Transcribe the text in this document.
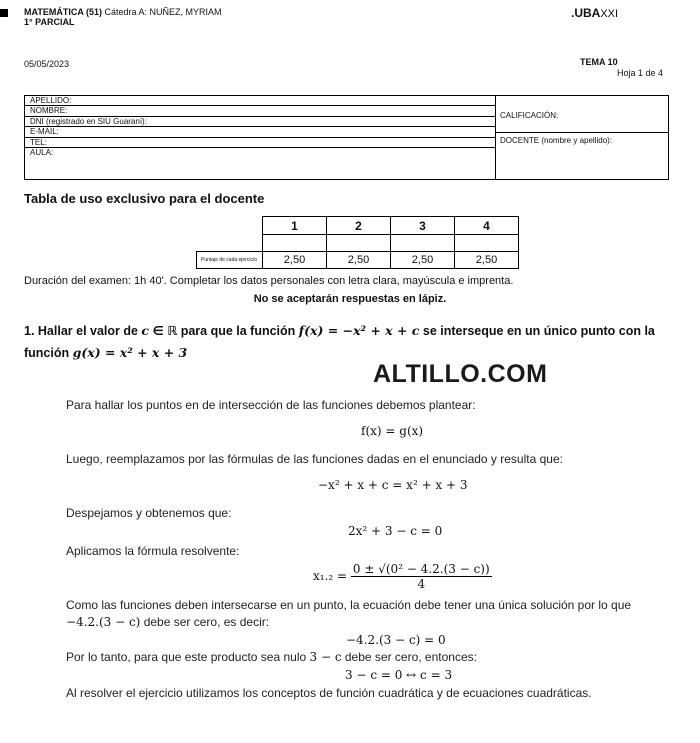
MATEMÁTICA (51) Cátedra A: NUÑEZ, MYRIAM
1° PARCIAL
.UBAXXI
05/05/2023	TEMA 10
Hoja 1 de 4
APELLIDO:
NOMBRE:
DNI (registrado en SIU Guaraní):
E-MAIL:
TEL:
AULA:
CALIFICACIÓN:
DOCENTE (nombre y apellido):
Tabla de uso exclusivo para el docente
	1	2	3	4

Puntaje de cada ejercicio	2,50	2,50	2,50	2,50
Duración del examen: 1h 40'. Completar los datos personales con letra clara, mayúscula e imprenta.
No se aceptarán respuestas en lápiz.
1. Hallar el valor de c ∈ ℝ para que la función f(x) = −x² + x + c se interseque en un único punto con la función g(x) = x² + x + 3
ALTILLO.COM
Para hallar los puntos en de intersección de las funciones debemos plantear:
f(x) = g(x)
Luego, reemplazamos por las fórmulas de las funciones dadas en el enunciado y resulta que:
−x² + x + c = x² + x + 3
Despejamos y obtenemos que:
2x² + 3 − c = 0
Aplicamos la fórmula resolvente:
$x_1._2 = \frac{\text{0 ± √(0² − 4.2.(3 − c))}}{4}$
Como las funciones deben intersecarse en un punto, la ecuación debe tener una única solución por lo que −4.2.(3 − c) debe ser cero, es decir:
−4.2.(3 − c) = 0
Por lo tanto, para que este producto sea nulo 3 − c debe ser cero, entonces:
3 − c = 0 ↔ c = 3
Al resolver el ejercicio utilizamos los conceptos de función cuadrática y de ecuaciones cuadráticas.
